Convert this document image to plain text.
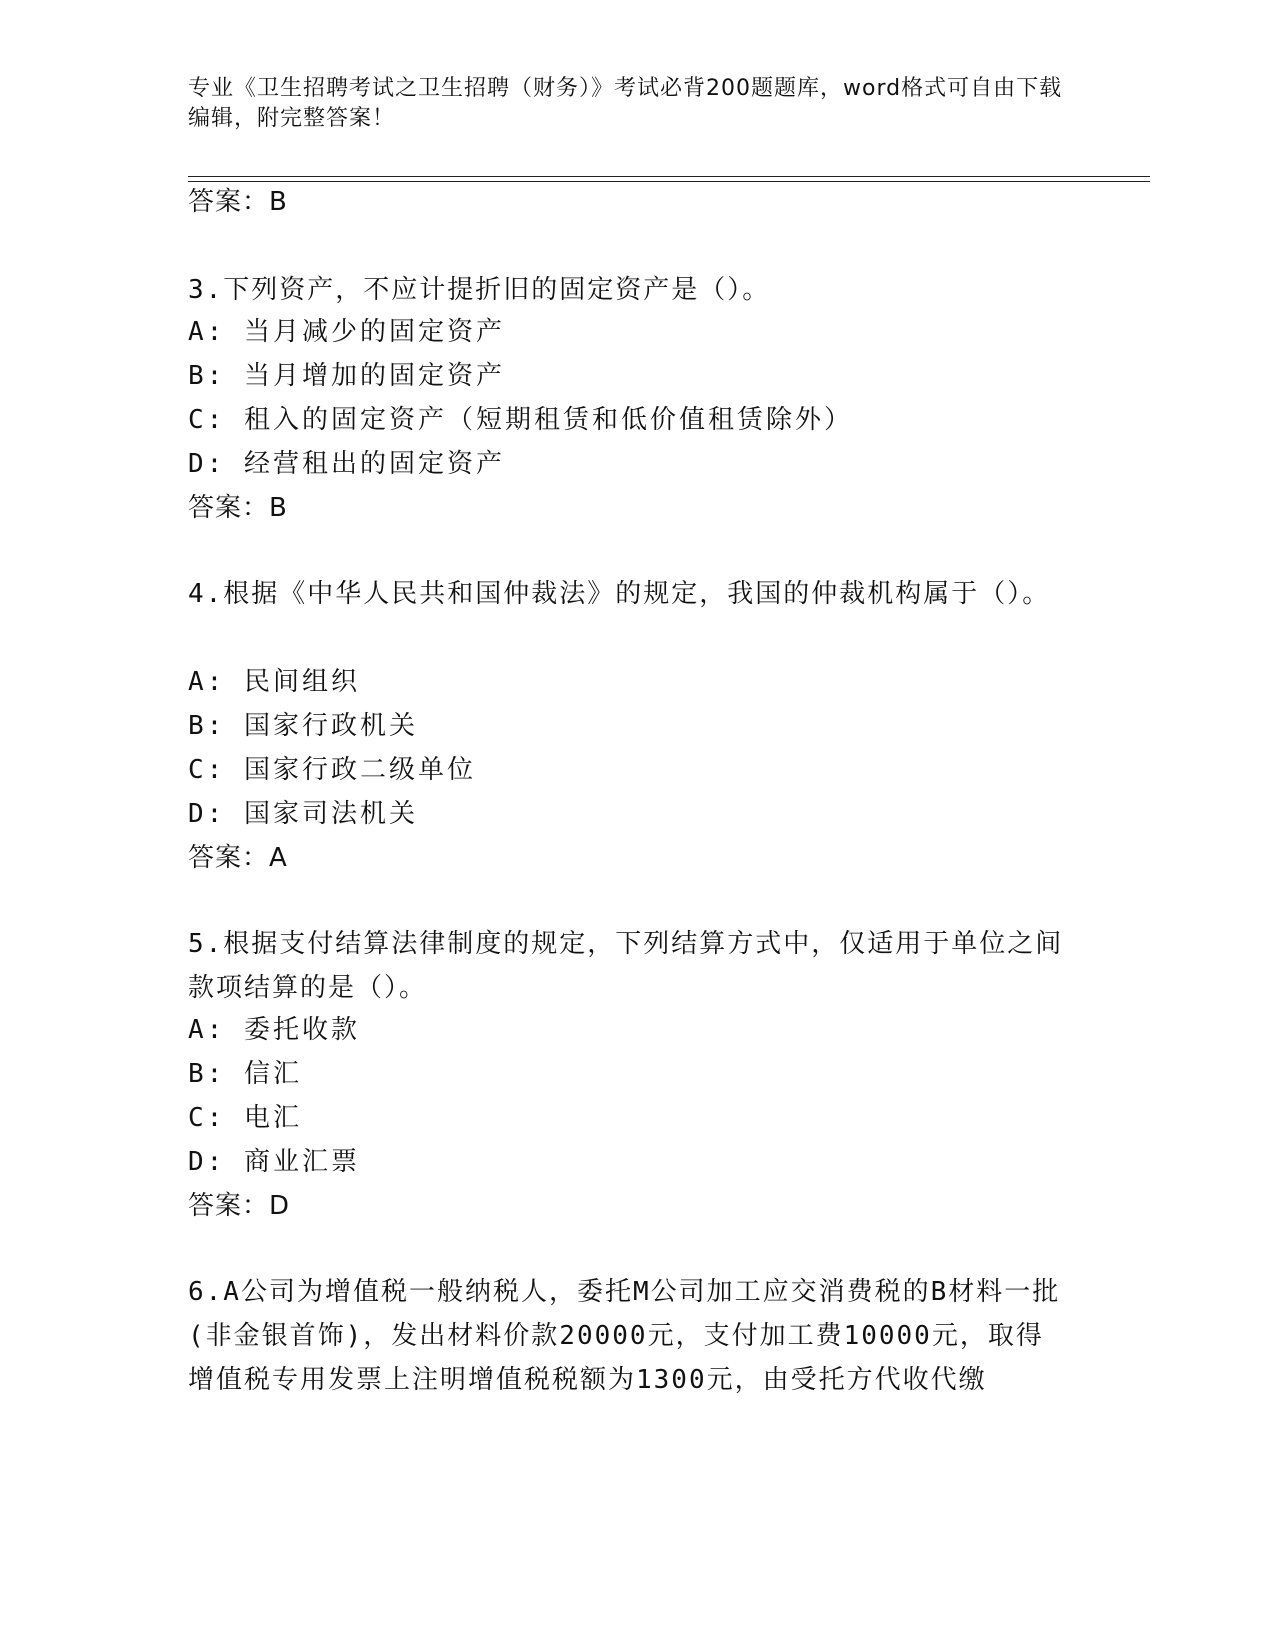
专业《卫生招聘考试之卫生招聘（财务）》考试必背200题题库，word格式可自由下载编辑，附完整答案！
答案：B
3.下列资产，不应计提折旧的固定资产是（）。
A: 当月减少的固定资产
B: 当月增加的固定资产
C: 租入的固定资产（短期租赁和低价值租赁除外）
D: 经营租出的固定资产
答案：B
4.根据《中华人民共和国仲裁法》的规定，我国的仲裁机构属于（）。
A: 民间组织
B: 国家行政机关
C: 国家行政二级单位
D: 国家司法机关
答案：A
5.根据支付结算法律制度的规定，下列结算方式中，仅适用于单位之间款项结算的是（）。
A: 委托收款
B: 信汇
C: 电汇
D: 商业汇票
答案：D
6.A公司为增值税一般纳税人，委托M公司加工应交消费税的B材料一批(非金银首饰)，发出材料价款20000元，支付加工费10000元，取得增值税专用发票上注明增值税税额为1300元，由受托方代收代缴
